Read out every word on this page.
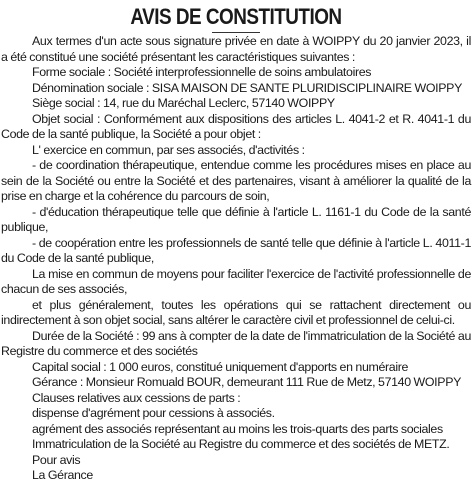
AVIS DE CONSTITUTION

Aux termes d'un acte sous signature privée en date à WOIPPY du 20 janvier 2023, il a été constitué une société présentant les caractéristiques suivantes :

Forme sociale : Société interprofessionnelle de soins ambulatoires

Dénomination sociale : SISA MAISON DE SANTE PLURIDISCIPLINAIRE WOIPPY

Siège social : 14, rue du Maréchal Leclerc, 57140 WOIPPY

Objet social : Conformément aux dispositions des articles L. 4041-2 et R. 4041-1 du Code de la santé publique, la Société a pour objet :

L' exercice en commun, par ses associés, d'activités :

- de coordination thérapeutique, entendue comme les procédures mises en place au sein de la Société ou entre la Société et des partenaires, visant à améliorer la qualité de la prise en charge et la cohérence du parcours de soin,

- d'éducation thérapeutique telle que définie à l'article L. 1161-1 du Code de la santé publique,

- de coopération entre les professionnels de santé telle que définie à l'article L. 4011-1 du Code de la santé publique,

La mise en commun de moyens pour faciliter l'exercice de l'activité professionnelle de chacun de ses associés,

et plus généralement, toutes les opérations qui se rattachent directement ou indirectement à son objet social, sans altérer le caractère civil et professionnel de celui-ci.

Durée de la Société : 99 ans à compter de la date de l'immatriculation de la Société au Registre du commerce et des sociétés

Capital social : 1 000 euros, constitué uniquement d'apports en numéraire

Gérance : Monsieur Romuald BOUR, demeurant 111 Rue de Metz, 57140 WOIPPY

Clauses relatives aux cessions de parts :

dispense d'agrément pour cessions à associés.

agrément des associés représentant au moins les trois-quarts des parts sociales

Immatriculation de la Société au Registre du commerce et des sociétés de METZ.

Pour avis

La Gérance
